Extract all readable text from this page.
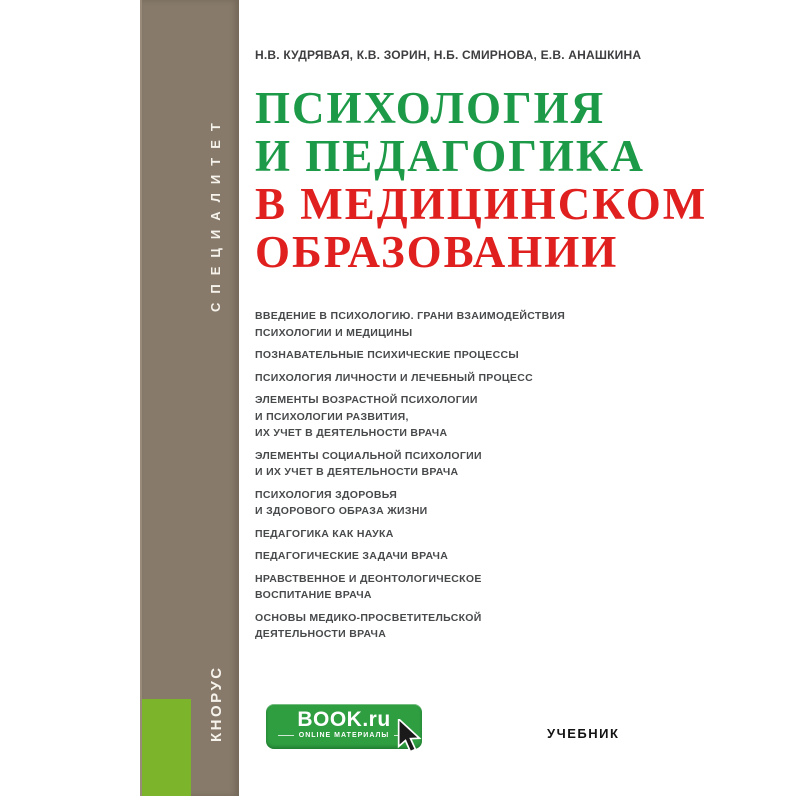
СПЕЦИАЛИТЕТ
КНОРУС
Н.В. КУДРЯВАЯ, К.В. ЗОРИН, Н.Б. СМИРНОВА, Е.В. АНАШКИНА
ПСИХОЛОГИЯ
И ПЕДАГОГИКА
В МЕДИЦИНСКОМ
ОБРАЗОВАНИИ
ВВЕДЕНИЕ В ПСИХОЛОГИЮ. ГРАНИ ВЗАИМОДЕЙСТВИЯ
ПСИХОЛОГИИ И МЕДИЦИНЫ
ПОЗНАВАТЕЛЬНЫЕ ПСИХИЧЕСКИЕ ПРОЦЕССЫ
ПСИХОЛОГИЯ ЛИЧНОСТИ И ЛЕЧЕБНЫЙ ПРОЦЕСС
ЭЛЕМЕНТЫ ВОЗРАСТНОЙ ПСИХОЛОГИИ
И ПСИХОЛОГИИ РАЗВИТИЯ,
ИХ УЧЕТ В ДЕЯТЕЛЬНОСТИ ВРАЧА
ЭЛЕМЕНТЫ СОЦИАЛЬНОЙ ПСИХОЛОГИИ
И ИХ УЧЕТ В ДЕЯТЕЛЬНОСТИ ВРАЧА
ПСИХОЛОГИЯ ЗДОРОВЬЯ
И ЗДОРОВОГО ОБРАЗА ЖИЗНИ
ПЕДАГОГИКА КАК НАУКА
ПЕДАГОГИЧЕСКИЕ ЗАДАЧИ ВРАЧА
НРАВСТВЕННОЕ И ДЕОНТОЛОГИЧЕСКОЕ
ВОСПИТАНИЕ ВРАЧА
ОСНОВЫ МЕДИКО-ПРОСВЕТИТЕЛЬСКОЙ
ДЕЯТЕЛЬНОСТИ ВРАЧА
BOOK.ru
ONLINE МАТЕРИАЛЫ	УЧЕБНИК
